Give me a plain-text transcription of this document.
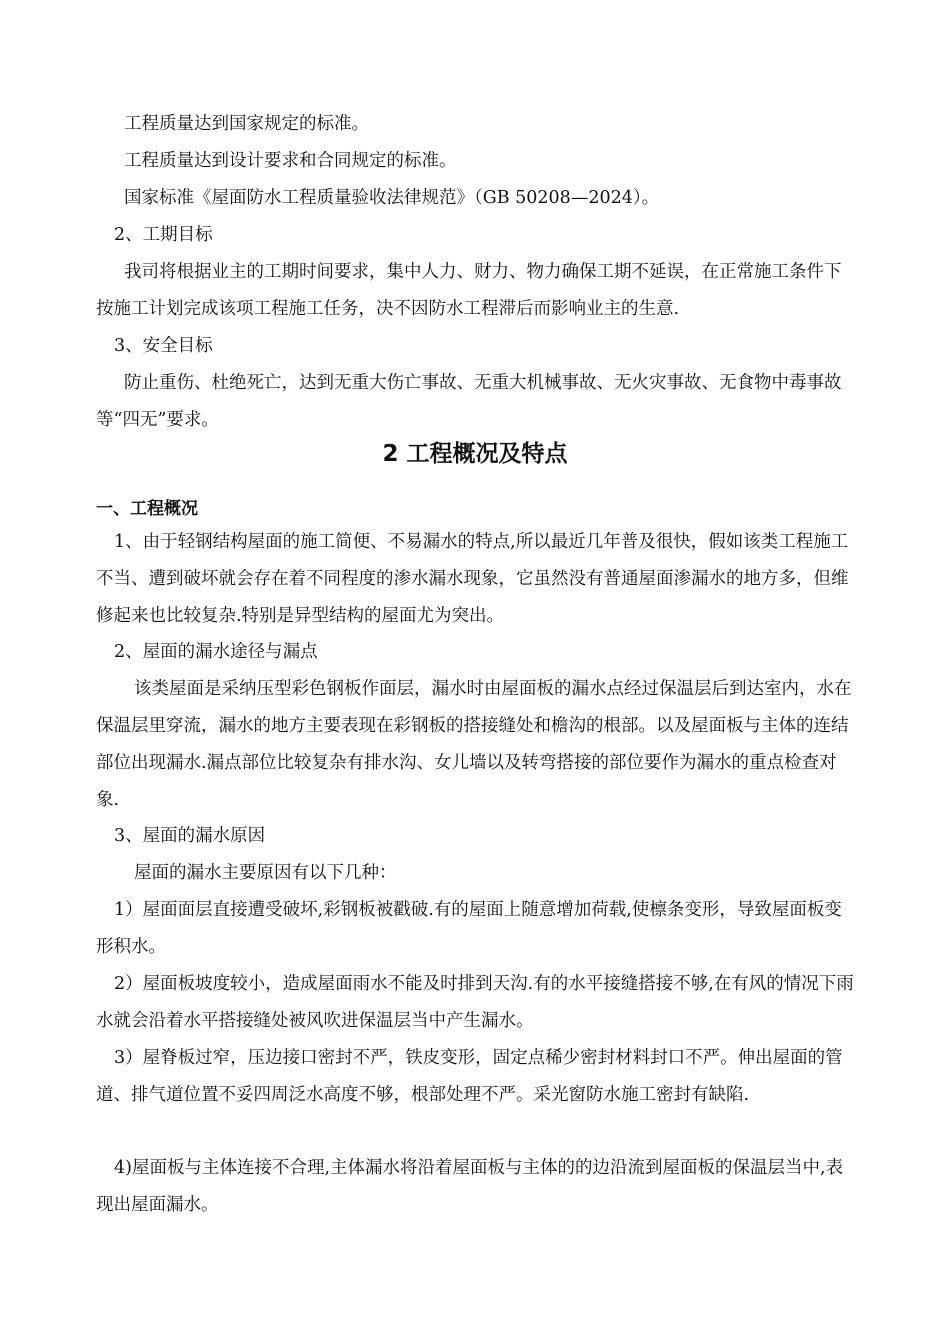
工程质量达到国家规定的标准。

工程质量达到设计要求和合同规定的标准。

国家标准《屋面防水工程质量验收法律规范》（GB 50208—2024）。

2、工期目标

我司将根据业主的工期时间要求，集中人力、财力、物力确保工期不延误，在正常施工条件下按施工计划完成该项工程施工任务，决不因防水工程滞后而影响业主的生意.

3、安全目标

防止重伤、杜绝死亡，达到无重大伤亡事故、无重大机械事故、无火灾事故、无食物中毒事故等“四无”要求。

2 工程概况及特点
一、工程概况

1、由于轻钢结构屋面的施工简便、不易漏水的特点,所以最近几年普及很快，假如该类工程施工不当、遭到破坏就会存在着不同程度的渗水漏水现象，它虽然没有普通屋面渗漏水的地方多，但维修起来也比较复杂.特别是异型结构的屋面尤为突出。

2、屋面的漏水途径与漏点

该类屋面是采纳压型彩色钢板作面层，漏水时由屋面板的漏水点经过保温层后到达室内，水在保温层里穿流，漏水的地方主要表现在彩钢板的搭接缝处和檐沟的根部。以及屋面板与主体的连结部位出现漏水.漏点部位比较复杂有排水沟、女儿墙以及转弯搭接的部位要作为漏水的重点检查对象.

3、屋面的漏水原因

屋面的漏水主要原因有以下几种：

1）屋面面层直接遭受破坏,彩钢板被戳破.有的屋面上随意增加荷载,使檩条变形，导致屋面板变形积水。

2）屋面板坡度较小，造成屋面雨水不能及时排到天沟.有的水平接缝搭接不够,在有风的情况下雨水就会沿着水平搭接缝处被风吹进保温层当中产生漏水。

3）屋脊板过窄，压边接口密封不严，铁皮变形，固定点稀少密封材料封口不严。伸出屋面的管道、排气道位置不妥四周泛水高度不够，根部处理不严。采光窗防水施工密封有缺陷.

4)屋面板与主体连接不合理,主体漏水将沿着屋面板与主体的的边沿流到屋面板的保温层当中,表现出屋面漏水。
